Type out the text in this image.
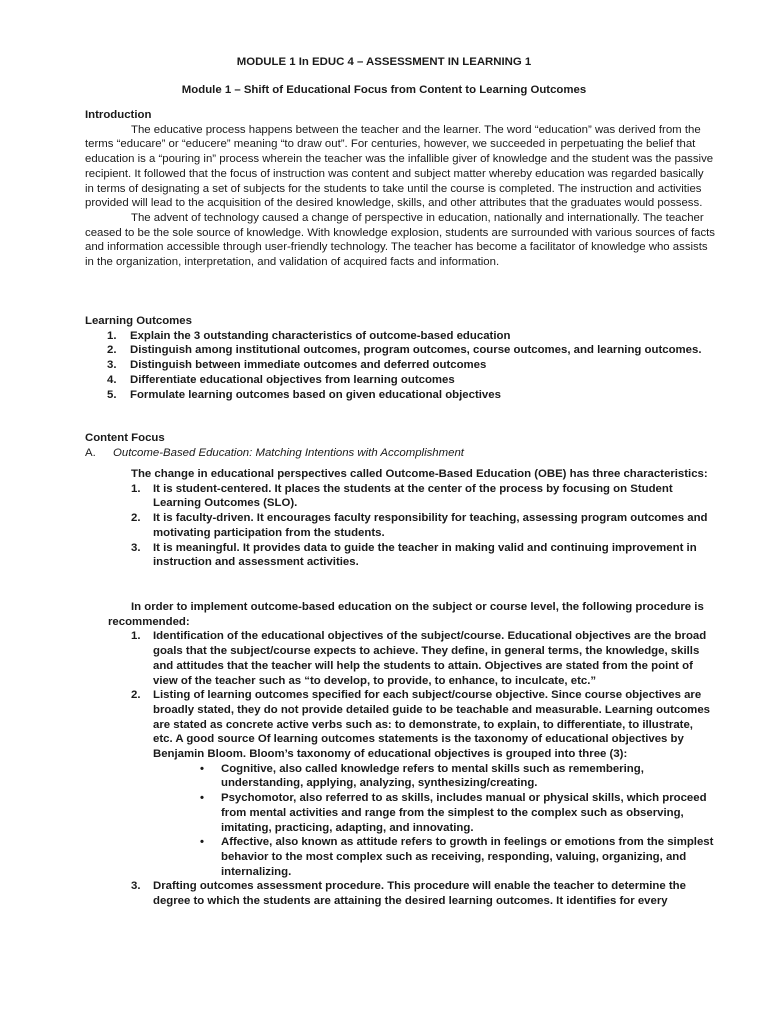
MODULE 1 In EDUC 4 – ASSESSMENT IN LEARNING 1
Module 1 – Shift of Educational Focus from Content to Learning Outcomes

Introduction

The educative process happens between the teacher and the learner. The word “education” was derived from the terms “educare” or “educere” meaning “to draw out”. For centuries, however, we succeeded in perpetuating the belief that education is a “pouring in” process wherein the teacher was the infallible giver of knowledge and the student was the passive recipient. It followed that the focus of instruction was content and subject matter whereby education was regarded basically in terms of designating a set of subjects for the students to take until the course is completed. The instruction and activities provided will lead to the acquisition of the desired knowledge, skills, and other attributes that the graduates would possess.

The advent of technology caused a change of perspective in education, nationally and internationally. The teacher ceased to be the sole source of knowledge. With knowledge explosion, students are surrounded with various sources of facts and information accessible through user-friendly technology. The teacher has become a facilitator of knowledge who assists in the organization, interpretation, and validation of acquired facts and information.

Learning Outcomes

1. Explain the 3 outstanding characteristics of outcome-based education
2. Distinguish among institutional outcomes, program outcomes, course outcomes, and learning outcomes.
3. Distinguish between immediate outcomes and deferred outcomes
4. Differentiate educational objectives from learning outcomes
5. Formulate learning outcomes based on given educational objectives

Content Focus

A. Outcome-Based Education: Matching Intentions with Accomplishment

The change in educational perspectives called Outcome-Based Education (OBE) has three characteristics:

1. It is student-centered. It places the students at the center of the process by focusing on Student Learning Outcomes (SLO).
2. It is faculty-driven. It encourages faculty responsibility for teaching, assessing program outcomes and motivating participation from the students.
3. It is meaningful. It provides data to guide the teacher in making valid and continuing improvement in instruction and assessment activities.

In order to implement outcome-based education on the subject or course level, the following procedure is recommended:

1. Identification of the educational objectives of the subject/course. Educational objectives are the broad goals that the subject/course expects to achieve. They define, in general terms, the knowledge, skills and attitudes that the teacher will help the students to attain. Objectives are stated from the point of view of the teacher such as “to develop, to provide, to enhance, to inculcate, etc.”
2. Listing of learning outcomes specified for each subject/course objective. Since course objectives are broadly stated, they do not provide detailed guide to be teachable and measurable. Learning outcomes are stated as concrete active verbs such as: to demonstrate, to explain, to differentiate, to illustrate, etc. A good source Of learning outcomes statements is the taxonomy of educational objectives by Benjamin Bloom. Bloom’s taxonomy of educational objectives is grouped into three (3):
• Cognitive, also called knowledge refers to mental skills such as remembering, understanding, applying, analyzing, synthesizing/creating.
• Psychomotor, also referred to as skills, includes manual or physical skills, which proceed from mental activities and range from the simplest to the complex such as observing, imitating, practicing, adapting, and innovating.
• Affective, also known as attitude refers to growth in feelings or emotions from the simplest behavior to the most complex such as receiving, responding, valuing, organizing, and internalizing.
3. Drafting outcomes assessment procedure. This procedure will enable the teacher to determine the degree to which the students are attaining the desired learning outcomes. It identifies for every
